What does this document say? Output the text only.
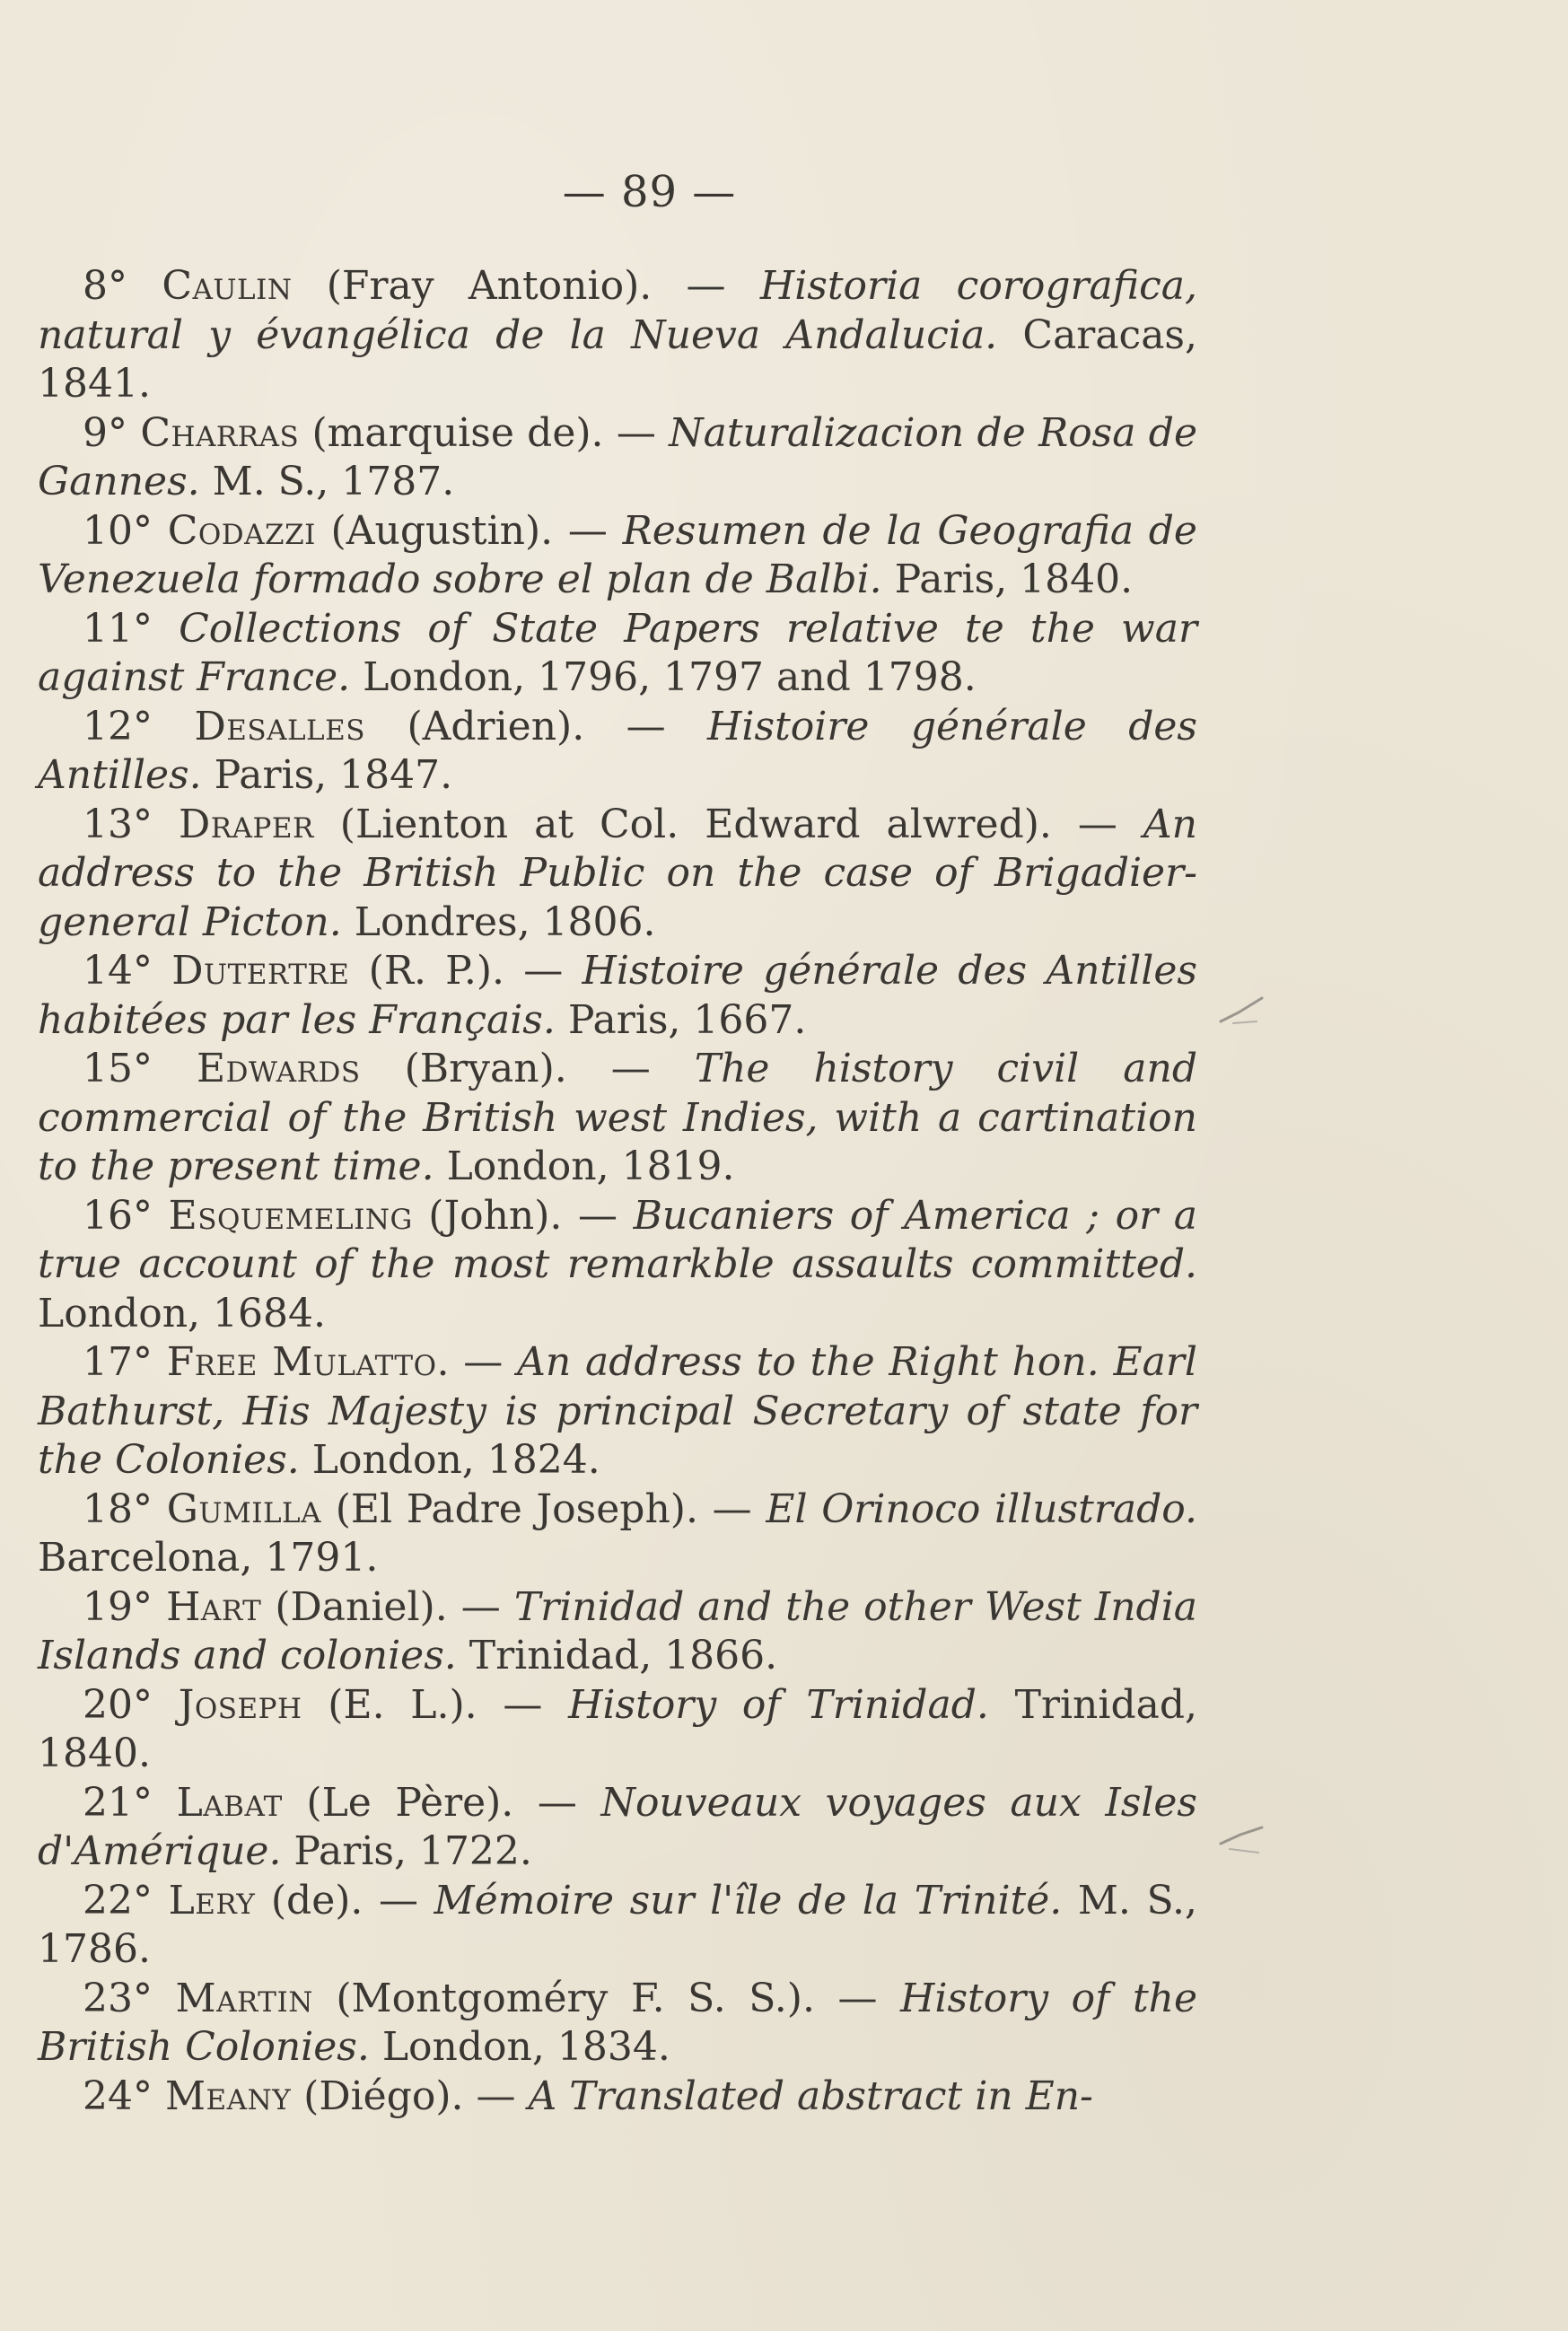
— 89 —

8° Caulin (Fray Antonio). — Historia corografica, natural y évangélica de la Nueva Andalucia. Caracas, 1841.

9° Charras (marquise de). — Naturalizacion de Rosa de Gannes. M. S., 1787.

10° Codazzi (Augustin). — Resumen de la Geografia de Venezuela formado sobre el plan de Balbi. Paris, 1840.

11° Collections of State Papers relative te the war against France. London, 1796, 1797 and 1798.

12° Desalles (Adrien). — Histoire générale des Antilles. Paris, 1847.

13° Draper (Lienton at Col. Edward alwred). — An address to the British Public on the case of Brigadier-general Picton. Londres, 1806.

14° Dutertre (R. P.). — Histoire générale des Antilles habitées par les Français. Paris, 1667.

15° Edwards (Bryan). — The history civil and commercial of the British west Indies, with a cartination to the present time. London, 1819.

16° Esquemeling (John). — Bucaniers of America ; or a true account of the most remarkble assaults committed. London, 1684.

17° Free Mulatto. — An address to the Right hon. Earl Bathurst, His Majesty is principal Secretary of state for the Colonies. London, 1824.

18° Gumilla (El Padre Joseph). — El Orinoco illustrado. Barcelona, 1791.

19° Hart (Daniel). — Trinidad and the other West India Islands and colonies. Trinidad, 1866.

20° Joseph (E. L.). — History of Trinidad. Trinidad, 1840.

21° Labat (Le Père). — Nouveaux voyages aux Isles d'Amérique. Paris, 1722.

22° Lery (de). — Mémoire sur l'île de la Trinité. M. S., 1786.

23° Martin (Montgoméry F. S. S.). — History of the British Colonies. London, 1834.

24° Meany (Diégo). — A Translated abstract in En-
